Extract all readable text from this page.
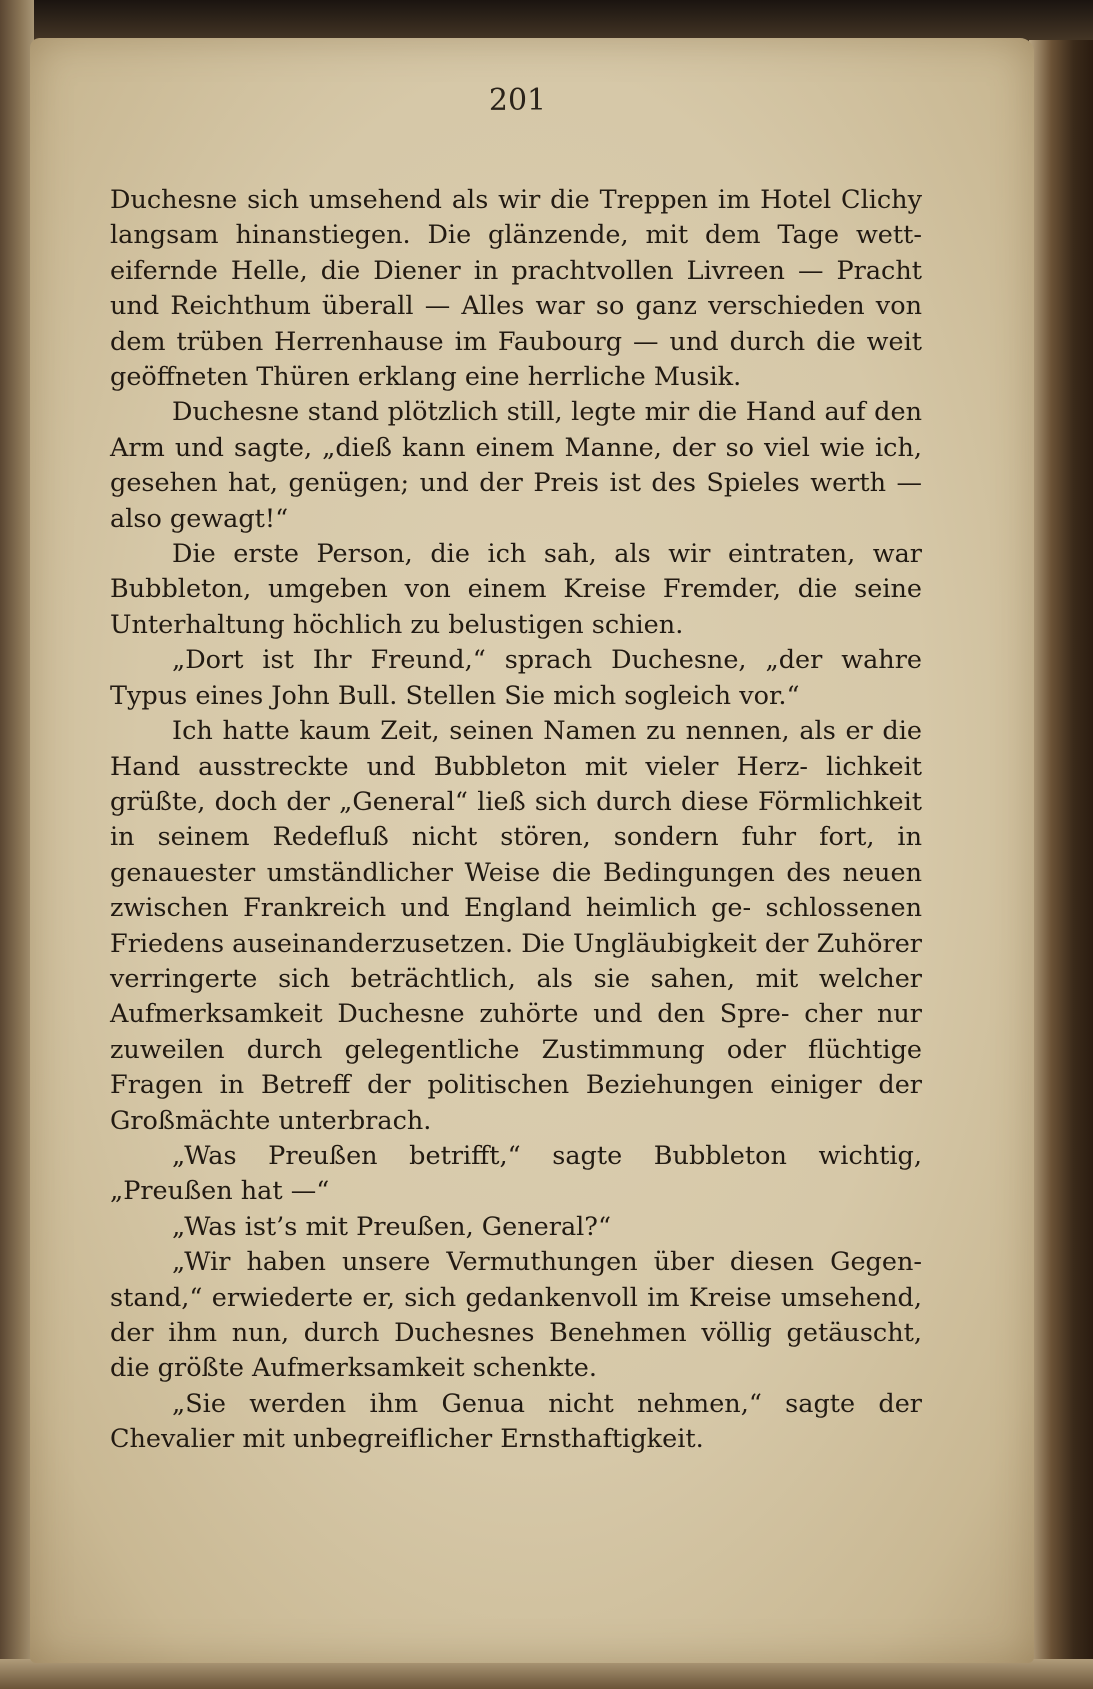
201

Duchesne sich umsehend als wir die Treppen im Hotel Clichy langsam hinanstiegen. Die glänzende, mit dem Tage wett- eifernde Helle, die Diener in prachtvollen Livreen — Pracht und Reichthum überall — Alles war so ganz verschieden von dem trüben Herrenhause im Faubourg — und durch die weit geöffneten Thüren erklang eine herrliche Musik.

Duchesne stand plötzlich still, legte mir die Hand auf den Arm und sagte, „dieß kann einem Manne, der so viel wie ich, gesehen hat, genügen; und der Preis ist des Spieles werth — also gewagt!“

Die erste Person, die ich sah, als wir eintraten, war Bubbleton, umgeben von einem Kreise Fremder, die seine Unterhaltung höchlich zu belustigen schien.

„Dort ist Ihr Freund,“ sprach Duchesne, „der wahre Typus eines John Bull. Stellen Sie mich sogleich vor.“

Ich hatte kaum Zeit, seinen Namen zu nennen, als er die Hand ausstreckte und Bubbleton mit vieler Herz- lichkeit grüßte, doch der „General“ ließ sich durch diese Förmlichkeit in seinem Redefluß nicht stören, sondern fuhr fort, in genauester umständlicher Weise die Bedingungen des neuen zwischen Frankreich und England heimlich ge- schlossenen Friedens auseinanderzusetzen. Die Ungläubigkeit der Zuhörer verringerte sich beträchtlich, als sie sahen, mit welcher Aufmerksamkeit Duchesne zuhörte und den Spre- cher nur zuweilen durch gelegentliche Zustimmung oder flüchtige Fragen in Betreff der politischen Beziehungen einiger der Großmächte unterbrach.

„Was Preußen betrifft,“ sagte Bubbleton wichtig, „Preußen hat —“

„Was ist’s mit Preußen, General?“

„Wir haben unsere Vermuthungen über diesen Gegen- stand,“ erwiederte er, sich gedankenvoll im Kreise umsehend, der ihm nun, durch Duchesnes Benehmen völlig getäuscht, die größte Aufmerksamkeit schenkte.

„Sie werden ihm Genua nicht nehmen,“ sagte der Chevalier mit unbegreiflicher Ernsthaftigkeit.
